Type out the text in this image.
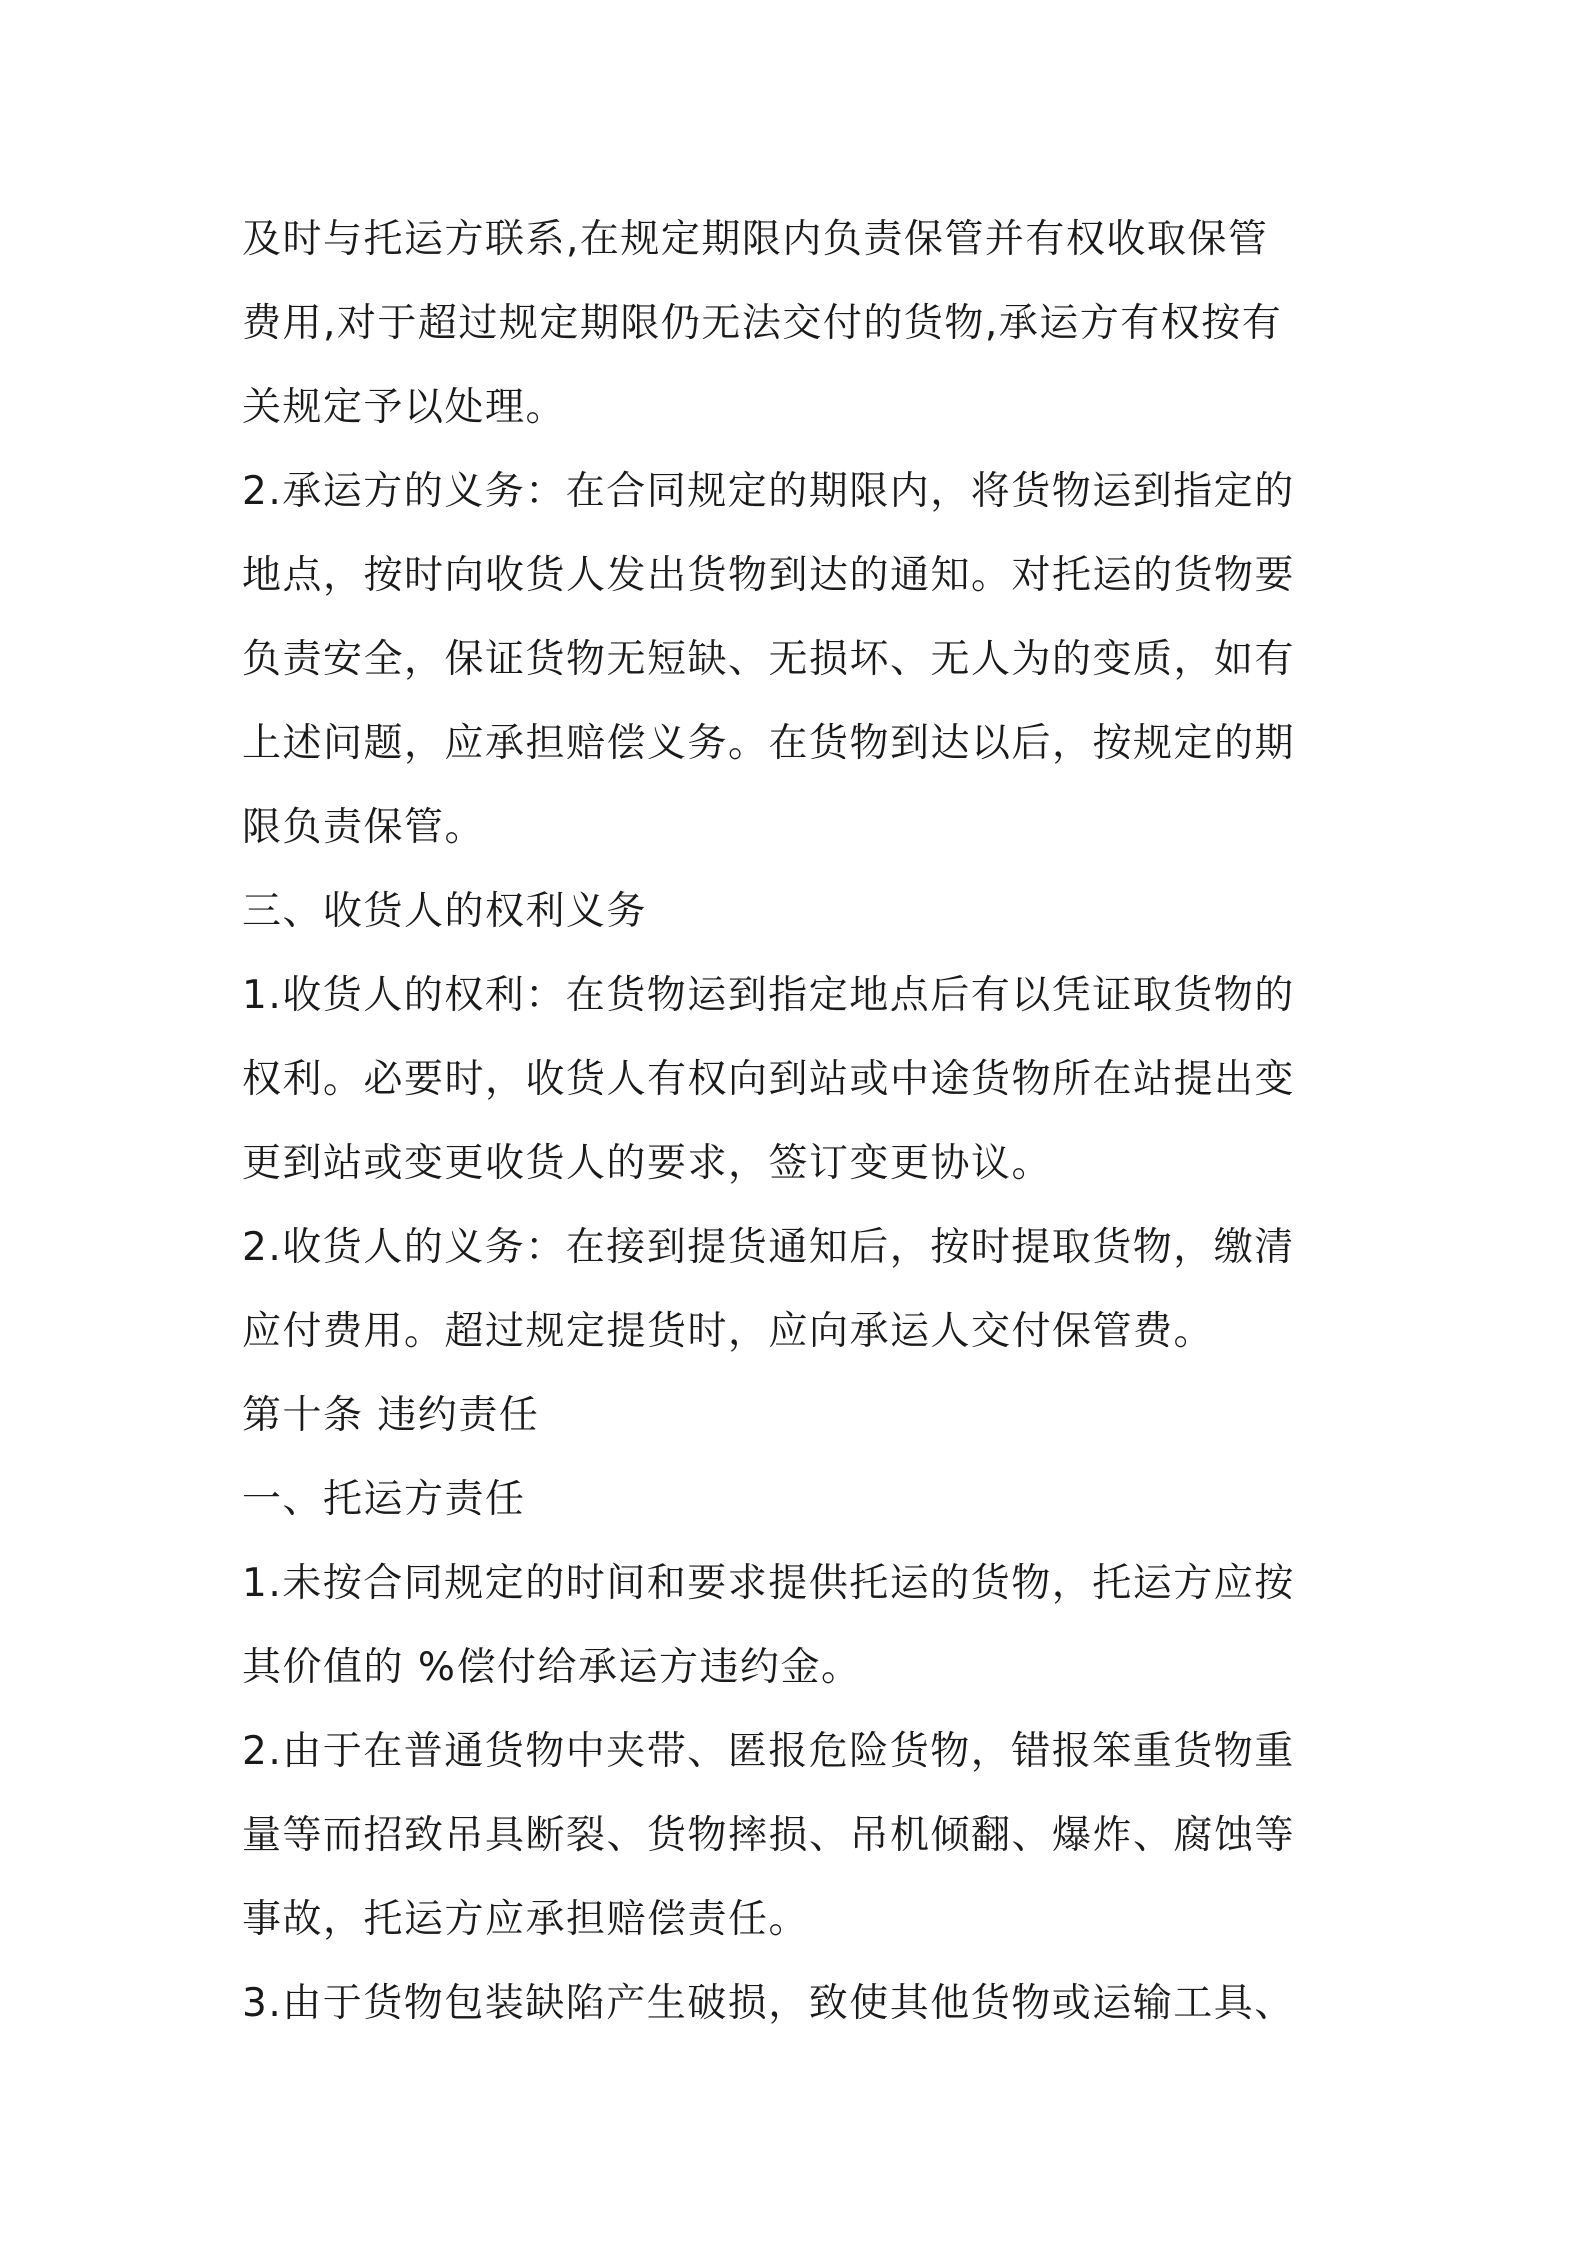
及时与托运方联系,在规定期限内负责保管并有权收取保管
费用,对于超过规定期限仍无法交付的货物,承运方有权按有
关规定予以处理。
2.承运方的义务：在合同规定的期限内，将货物运到指定的
地点，按时向收货人发出货物到达的通知。对托运的货物要
负责安全，保证货物无短缺、无损坏、无人为的变质，如有
上述问题，应承担赔偿义务。在货物到达以后，按规定的期
限负责保管。
三、收货人的权利义务
1.收货人的权利：在货物运到指定地点后有以凭证取货物的
权利。必要时，收货人有权向到站或中途货物所在站提出变
更到站或变更收货人的要求，签订变更协议。
2.收货人的义务：在接到提货通知后，按时提取货物，缴清
应付费用。超过规定提货时，应向承运人交付保管费。
第十条 违约责任
一、托运方责任
1.未按合同规定的时间和要求提供托运的货物，托运方应按
其价值的 %偿付给承运方违约金。
2.由于在普通货物中夹带、匿报危险货物，错报笨重货物重
量等而招致吊具断裂、货物摔损、吊机倾翻、爆炸、腐蚀等
事故，托运方应承担赔偿责任。
3.由于货物包装缺陷产生破损，致使其他货物或运输工具、
